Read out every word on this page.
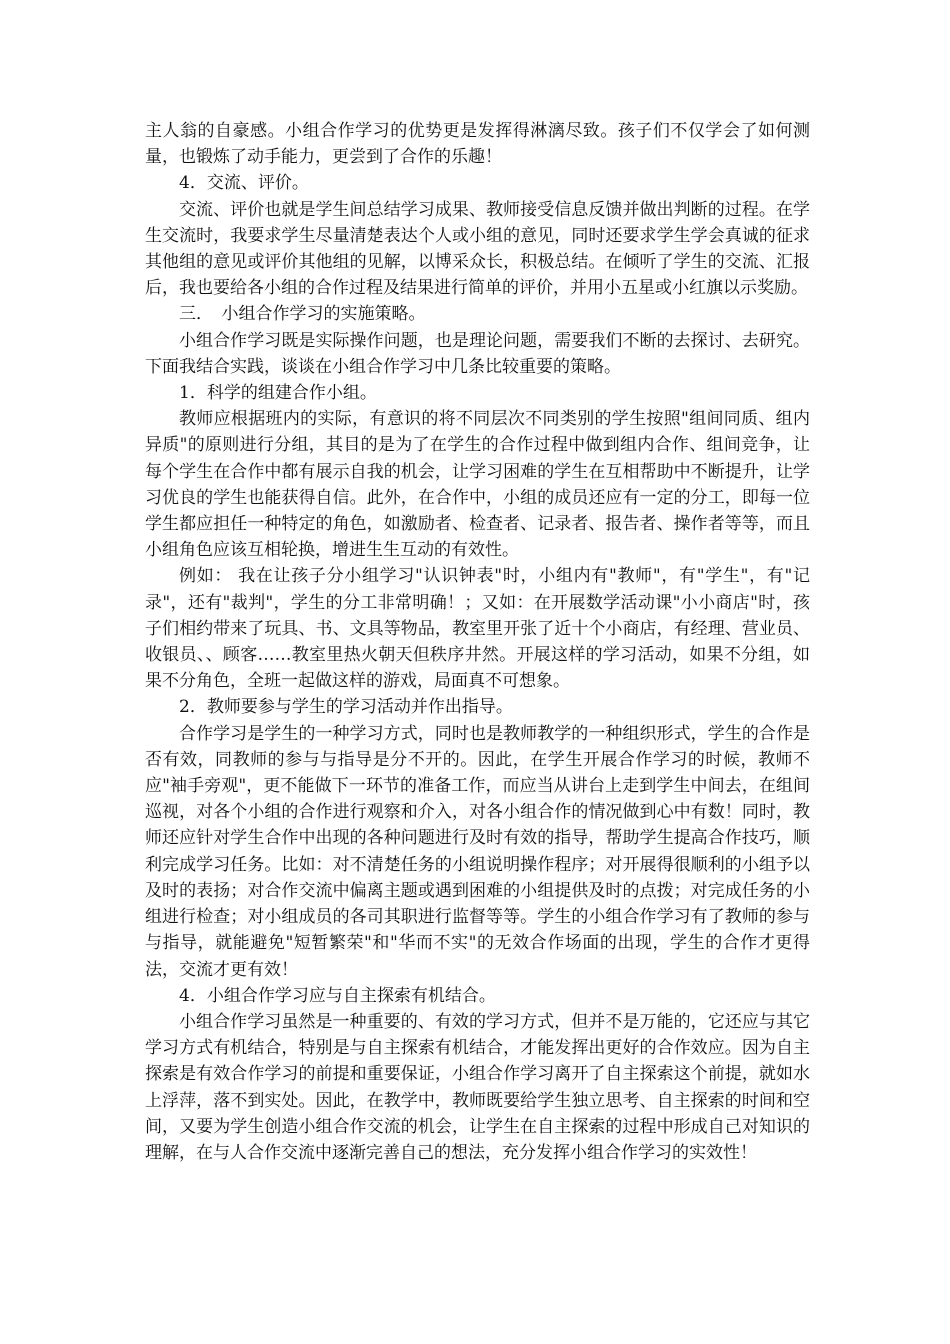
主人翁的自豪感。小组合作学习的优势更是发挥得淋漓尽致。孩子们不仅学会了如何测量，也锻炼了动手能力，更尝到了合作的乐趣！

4．交流、评价。

交流、评价也就是学生间总结学习成果、教师接受信息反馈并做出判断的过程。在学生交流时，我要求学生尽量清楚表达个人或小组的意见，同时还要求学生学会真诚的征求其他组的意见或评价其他组的见解，以博采众长，积极总结。在倾听了学生的交流、汇报后，我也要给各小组的合作过程及结果进行简单的评价，并用小五星或小红旗以示奖励。

三．　小组合作学习的实施策略。

小组合作学习既是实际操作问题，也是理论问题，需要我们不断的去探讨、去研究。下面我结合实践，谈谈在小组合作学习中几条比较重要的策略。

1．科学的组建合作小组。

教师应根据班内的实际，有意识的将不同层次不同类别的学生按照"组间同质、组内异质"的原则进行分组，其目的是为了在学生的合作过程中做到组内合作、组间竞争，让每个学生在合作中都有展示自我的机会，让学习困难的学生在互相帮助中不断提升，让学习优良的学生也能获得自信。此外，在合作中，小组的成员还应有一定的分工，即每一位学生都应担任一种特定的角色，如激励者、检查者、记录者、报告者、操作者等等，而且小组角色应该互相轮换，增进生生互动的有效性。

例如： 我在让孩子分小组学习"认识钟表"时，小组内有"教师"，有"学生"，有"记录"，还有"裁判"，学生的分工非常明确！；又如：在开展数学活动课"小小商店"时，孩子们相约带来了玩具、书、文具等物品，教室里开张了近十个小商店，有经理、营业员、收银员、、顾客……教室里热火朝天但秩序井然。开展这样的学习活动，如果不分组，如果不分角色，全班一起做这样的游戏，局面真不可想象。

2．教师要参与学生的学习活动并作出指导。

合作学习是学生的一种学习方式，同时也是教师教学的一种组织形式，学生的合作是否有效，同教师的参与与指导是分不开的。因此，在学生开展合作学习的时候，教师不应"袖手旁观"，更不能做下一环节的准备工作，而应当从讲台上走到学生中间去，在组间巡视，对各个小组的合作进行观察和介入，对各小组合作的情况做到心中有数！同时，教师还应针对学生合作中出现的各种问题进行及时有效的指导，帮助学生提高合作技巧，顺利完成学习任务。比如：对不清楚任务的小组说明操作程序；对开展得很顺利的小组予以及时的表扬；对合作交流中偏离主题或遇到困难的小组提供及时的点拨；对完成任务的小组进行检查；对小组成员的各司其职进行监督等等。学生的小组合作学习有了教师的参与与指导，就能避免"短暂繁荣"和"华而不实"的无效合作场面的出现，学生的合作才更得法，交流才更有效！

4．小组合作学习应与自主探索有机结合。

小组合作学习虽然是一种重要的、有效的学习方式，但并不是万能的，它还应与其它学习方式有机结合，特别是与自主探索有机结合，才能发挥出更好的合作效应。因为自主探索是有效合作学习的前提和重要保证，小组合作学习离开了自主探索这个前提，就如水上浮萍，落不到实处。因此，在教学中，教师既要给学生独立思考、自主探索的时间和空间，又要为学生创造小组合作交流的机会，让学生在自主探索的过程中形成自己对知识的理解，在与人合作交流中逐渐完善自己的想法，充分发挥小组合作学习的实效性！
